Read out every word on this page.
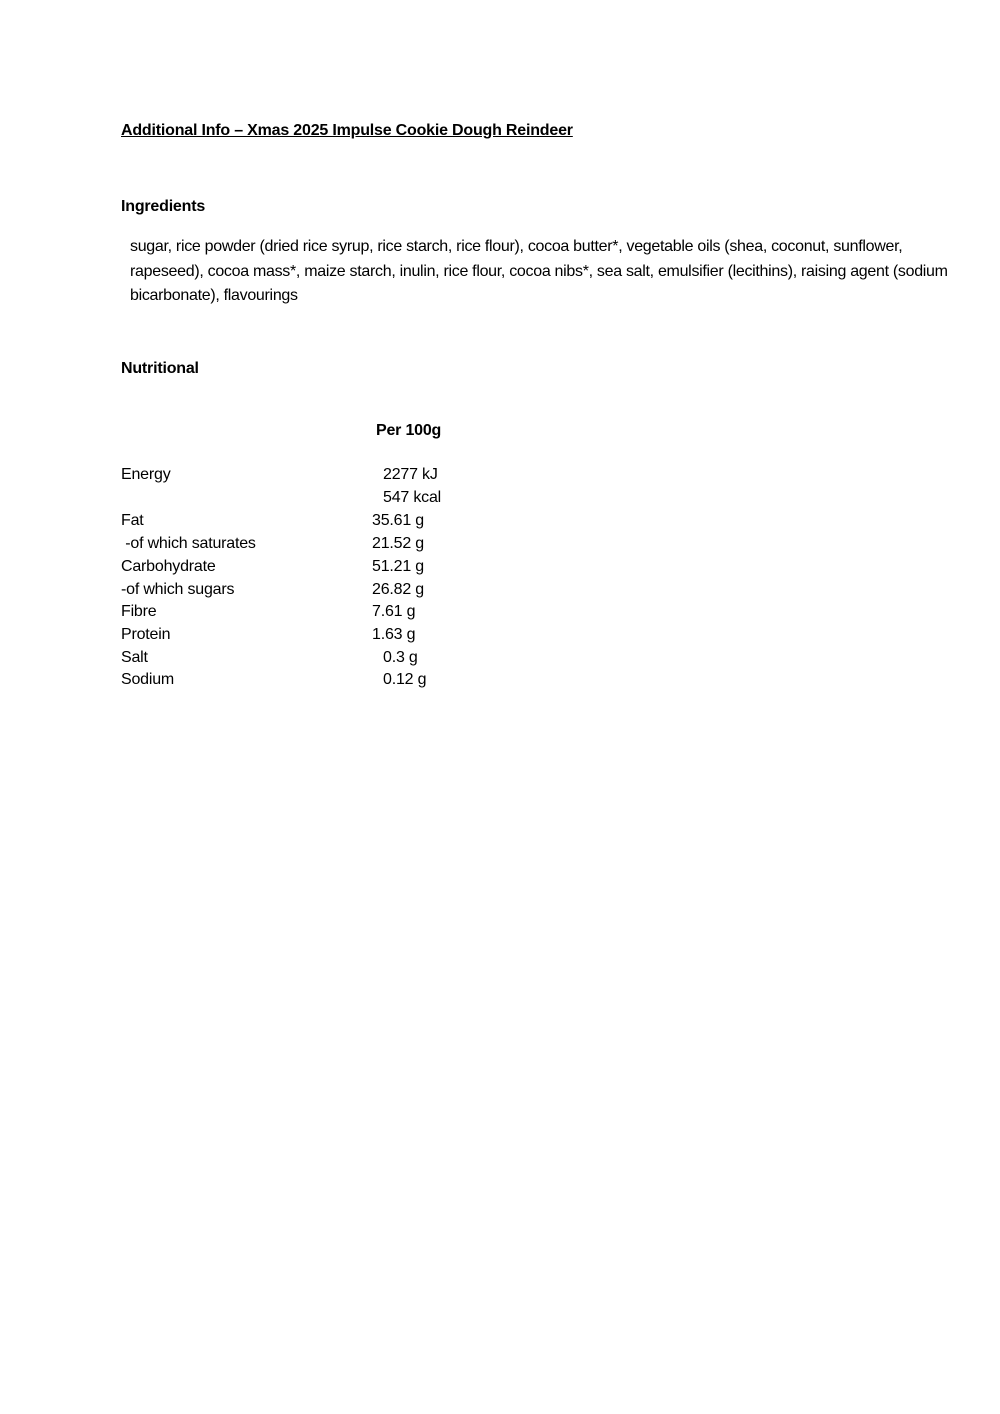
Additional Info – Xmas 2025 Impulse Cookie Dough Reindeer
Ingredients
sugar, rice powder (dried rice syrup, rice starch, rice flour), cocoa butter*, vegetable oils (shea, coconut, sunflower, rapeseed), cocoa mass*, maize starch, inulin, rice flour, cocoa nibs*, sea salt, emulsifier (lecithins), raising agent (sodium bicarbonate), flavourings
Nutritional
Per 100g
Energy	2277 kJ
547 kcal
Fat	35.61 g
-of which saturates	21.52 g
Carbohydrate	51.21 g
-of which sugars	26.82 g
Fibre	7.61 g
Protein	1.63 g
Salt	0.3 g
Sodium	0.12 g
